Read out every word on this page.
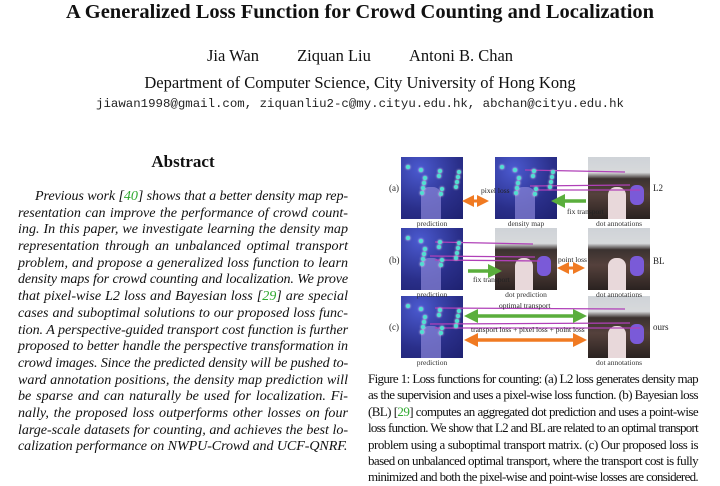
A Generalized Loss Function for Crowd Counting and Localization
Jia Wan Ziquan Liu Antoni B. Chan
Department of Computer Science, City University of Hong Kong
jiawan1998@gmail.com, ziquanliu2-c@my.cityu.edu.hk, abchan@cityu.edu.hk
Abstract
Previous work [40] shows that a better density map rep-
resentation can improve the performance of crowd count-
ing. In this paper, we investigate learning the density map
representation through an unbalanced optimal transport
problem, and propose a generalized loss function to learn
density maps for crowd counting and localization. We prove
that pixel-wise L2 loss and Bayesian loss [29] are special
cases and suboptimal solutions to our proposed loss func-
tion. A perspective-guided transport cost function is further
proposed to better handle the perspective transformation in
crowd images. Since the predicted density will be pushed to-
ward annotation positions, the density map prediction will
be sparse and can naturally be used for localization. Fi-
nally, the proposed loss outperforms other losses on four
large-scale datasets for counting, and achieves the best lo-
calization performance on NWPU-Crowd and UCF-QNRF.
(a)
(b)
(c)
L2
BL
ours
pixel loss
fix transport
fix transport
point loss
optimal transport
transport loss + pixel loss + point loss
prediction	density map	dot annotations
prediction	dot prediction	dot annotations
prediction	dot annotations
Figure 1: Loss functions for counting: (a) L2 loss generates density map
as the supervision and uses a pixel-wise loss function. (b) Bayesian loss
(BL) [29] computes an aggregated dot prediction and uses a point-wise
loss function. We show that L2 and BL are related to an optimal transport
problem using a suboptimal transport matrix. (c) Our proposed loss is
based on unbalanced optimal transport, where the transport cost is fully
minimized and both the pixel-wise and point-wise losses are considered.
